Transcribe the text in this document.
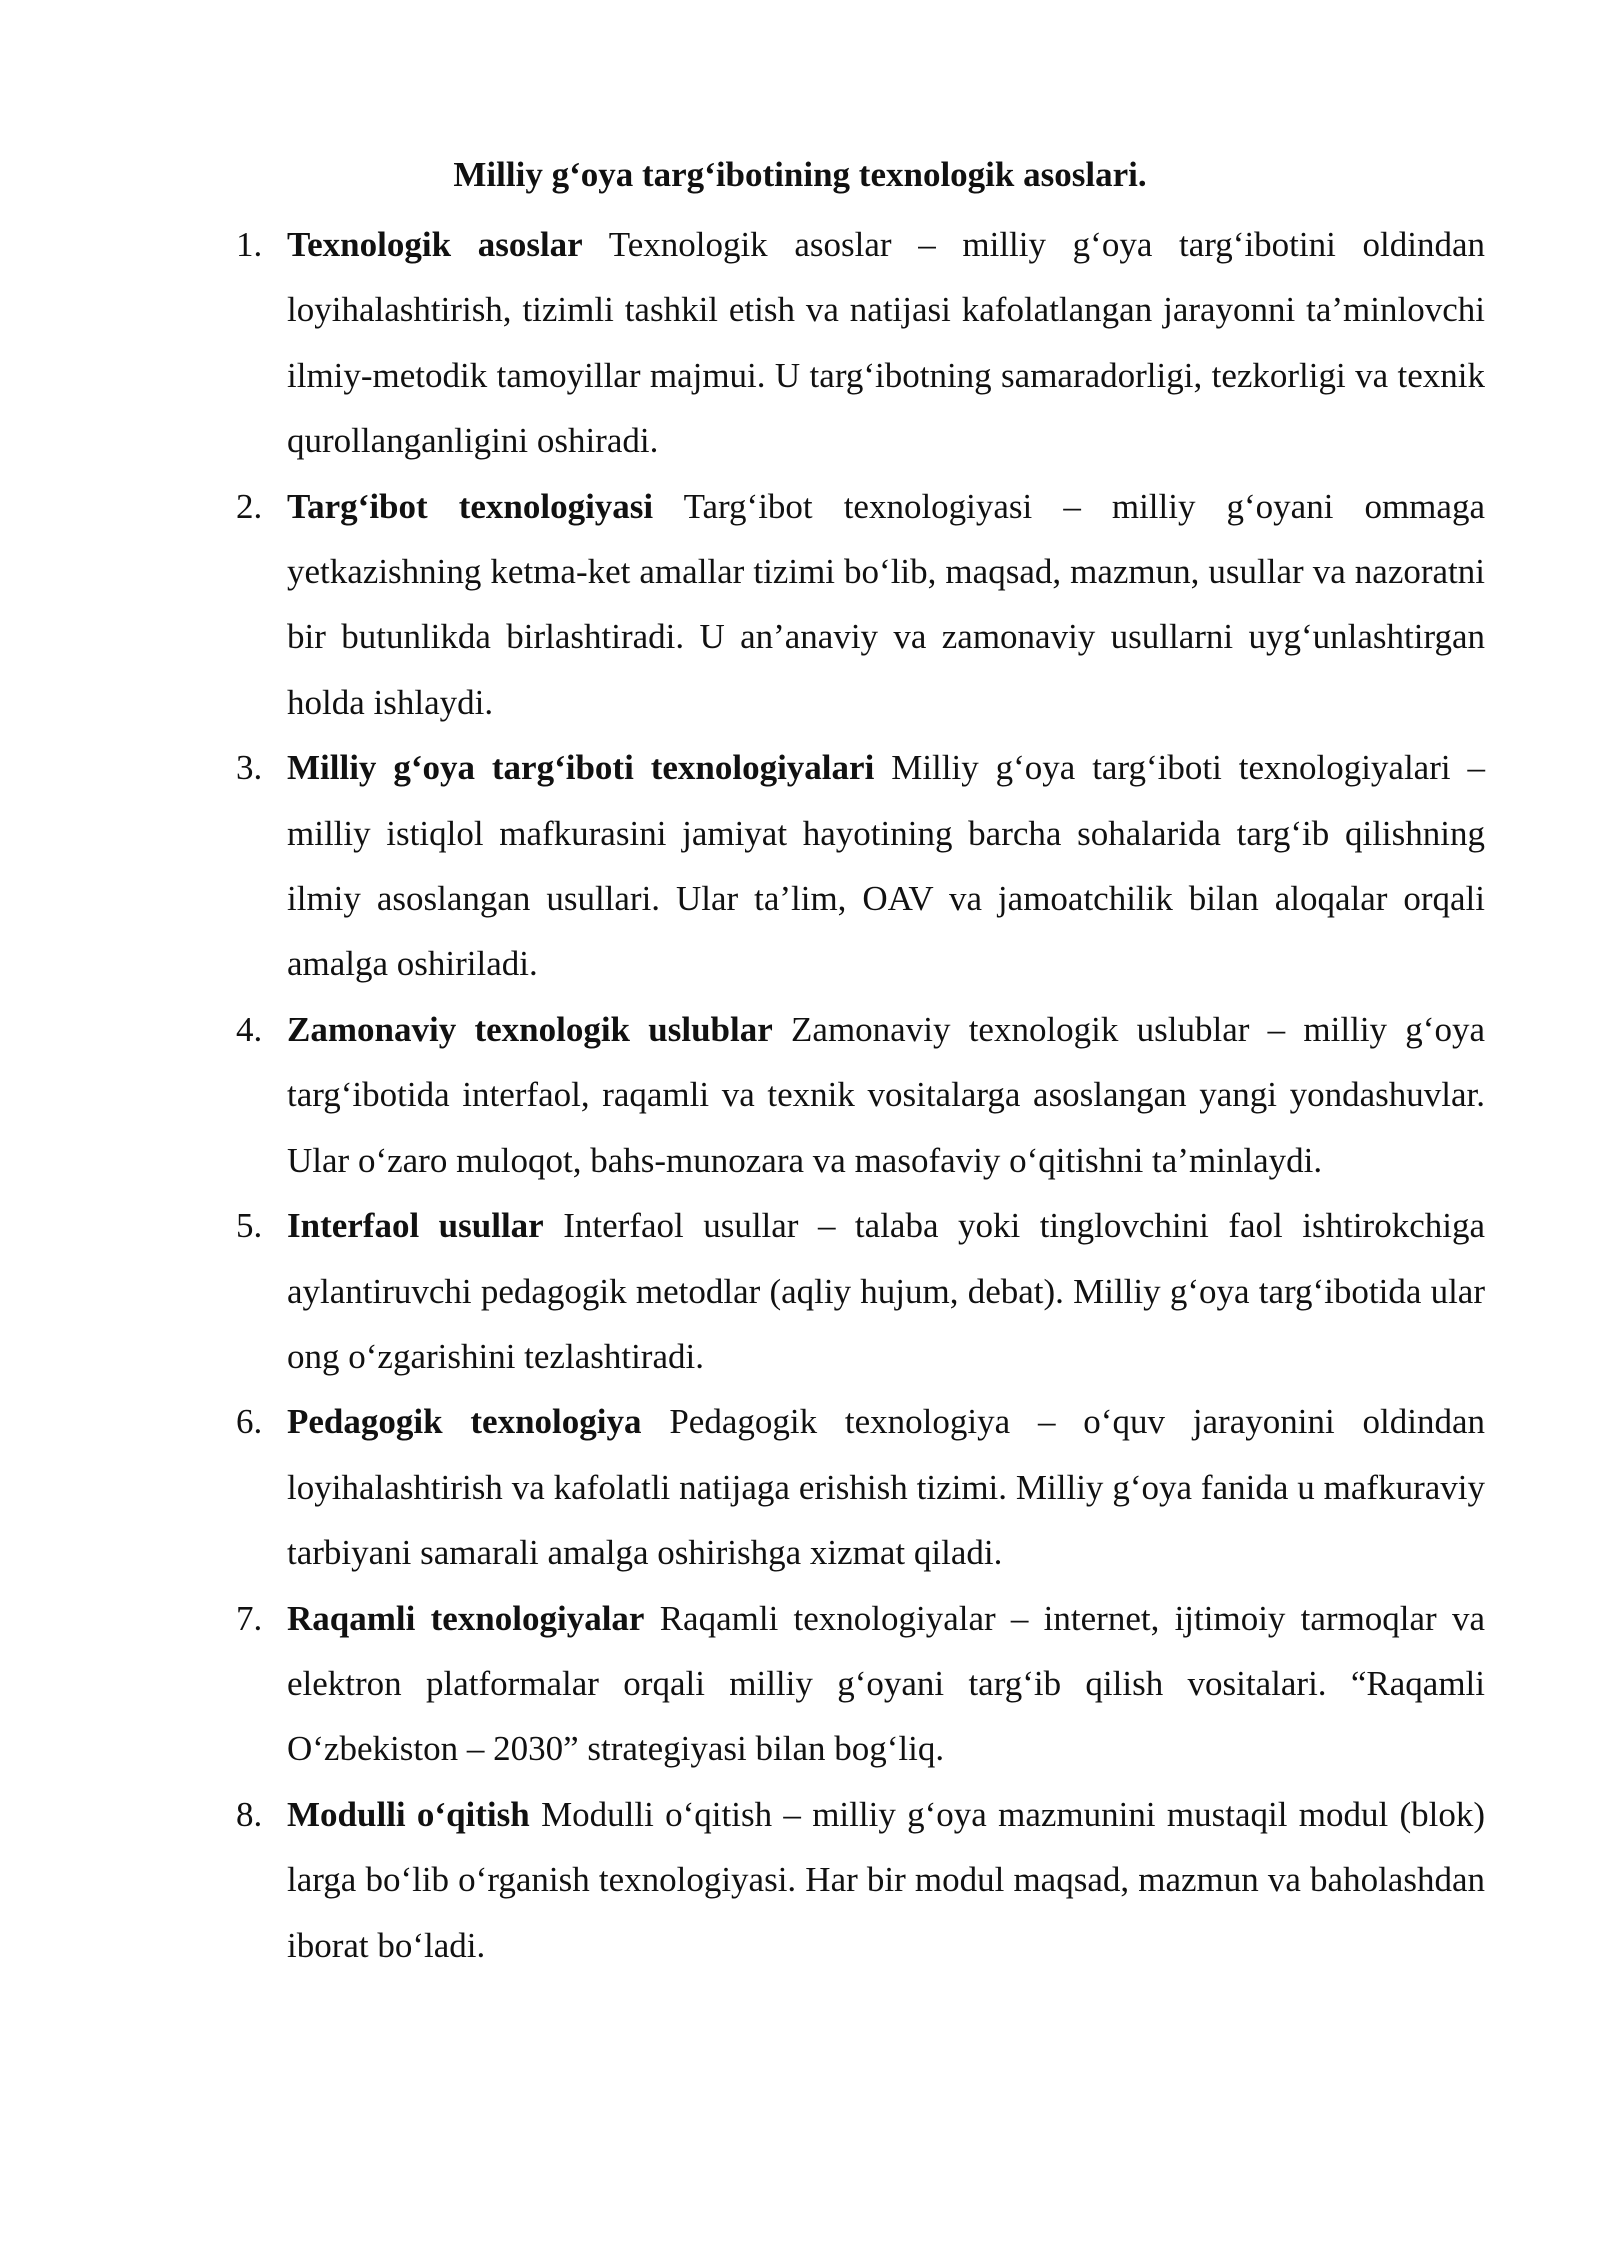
Milliy g‘oya targ‘ibotining texnologik asoslari.
1. Texnologik asoslar Texnologik asoslar – milliy g‘oya targ‘ibotini oldindan loyihalashtirish, tizimli tashkil etish va natijasi kafolatlangan jarayonni ta’minlovchi ilmiy-metodik tamoyillar majmui. U targ‘ibotning samaradorligi, tezkorligi va texnik qurollanganligini oshiradi.
2. Targ‘ibot texnologiyasi Targ‘ibot texnologiyasi – milliy g‘oyani ommaga yetkazishning ketma-ket amallar tizimi bo‘lib, maqsad, mazmun, usullar va nazoratni bir butunlikda birlashtiradi. U an’anaviy va zamonaviy usullarni uyg‘unlashtirgan holda ishlaydi.
3. Milliy g‘oya targ‘iboti texnologiyalari Milliy g‘oya targ‘iboti texnologiyalari – milliy istiqlol mafkurasini jamiyat hayotining barcha sohalarida targ‘ib qilishning ilmiy asoslangan usullari. Ular ta’lim, OAV va jamoatchilik bilan aloqalar orqali amalga oshiriladi.
4. Zamonaviy texnologik uslublar Zamonaviy texnologik uslublar – milliy g‘oya targ‘ibotida interfaol, raqamli va texnik vositalarga asoslangan yangi yondashuvlar. Ular o‘zaro muloqot, bahs-munozara va masofaviy o‘qitishni ta’minlaydi.
5. Interfaol usullar Interfaol usullar – talaba yoki tinglovchini faol ishtirokchiga aylantiruvchi pedagogik metodlar (aqliy hujum, debat). Milliy g‘oya targ‘ibotida ular ong o‘zgarishini tezlashtiradi.
6. Pedagogik texnologiya Pedagogik texnologiya – o‘quv jarayonini oldindan loyihalashtirish va kafolatli natijaga erishish tizimi. Milliy g‘oya fanida u mafkuraviy tarbiyani samarali amalga oshirishga xizmat qiladi.
7. Raqamli texnologiyalar Raqamli texnologiyalar – internet, ijtimoiy tarmoqlar va elektron platformalar orqali milliy g‘oyani targ‘ib qilish vositalari. “Raqamli O‘zbekiston – 2030” strategiyasi bilan bog‘liq.
8. Modulli o‘qitish Modulli o‘qitish – milliy g‘oya mazmunini mustaqil modul (blok) larga bo‘lib o‘rganish texnologiyasi. Har bir modul maqsad, mazmun va baholashdan iborat bo‘ladi.
